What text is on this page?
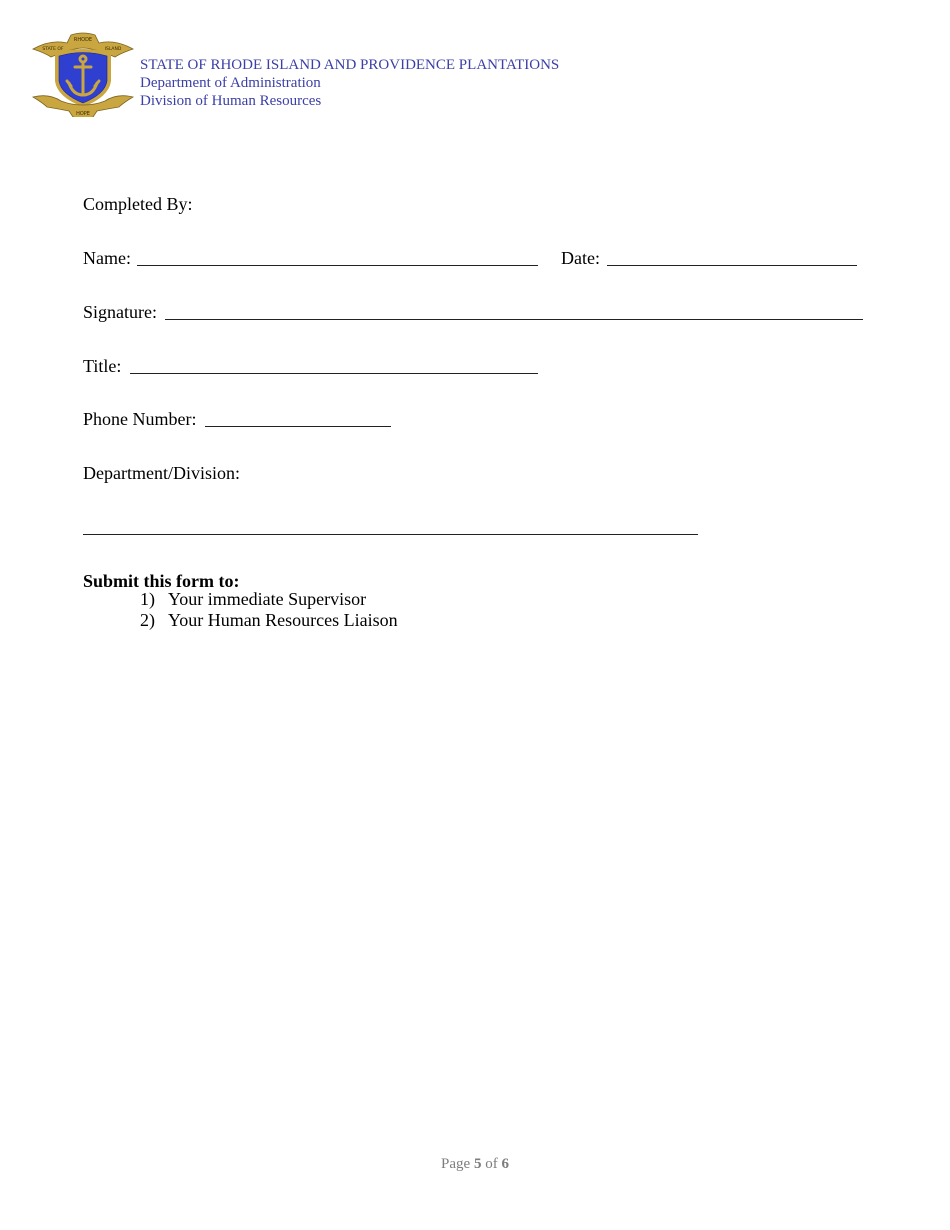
RHODE
STATE OF	ISLAND
HOPE
STATE OF RHODE ISLAND AND PROVIDENCE PLANTATIONS
Department of Administration
Division of Human Resources
Completed By:
Name:	Date:
Signature:
Title:
Phone Number:
Department/Division:
Submit this form to:
1) Your immediate Supervisor
2) Your Human Resources Liaison
Page 5 of 6
